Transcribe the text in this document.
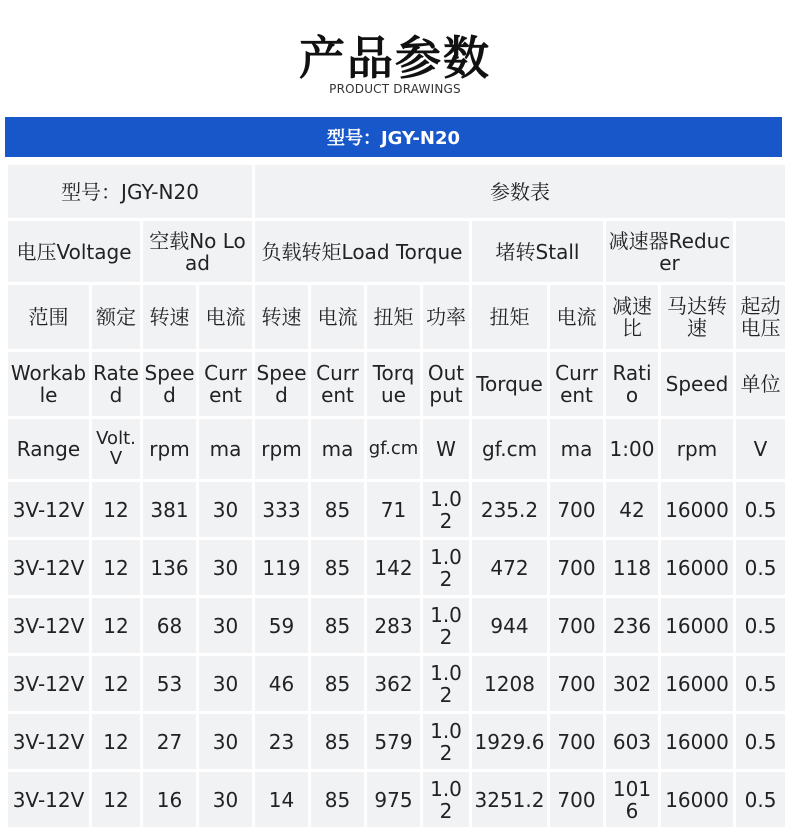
产品参数
PRODUCT DRAWINGS
型号：JGY-N20
型号：JGY-N20				参数表								
电压Voltage		空载No Load		负载转矩Load Torque				堵转Stall		减速器Reducer		
范围	额定	转速	电流	转速	电流	扭矩	功率	扭矩	电流	减速比	马达转速	起动电压
Workable	Rated	Speed	Current	Speed	Current	Torque	Output	Torque	Current	Ratio	Speed	单位
Range	Volt.V	rpm	ma	rpm	ma	gf.cm	W	gf.cm	ma	1:00	rpm	V
3V-12V	12	381	30	333	85	71	1.02	235.2	700	42	16000	0.5
3V-12V	12	136	30	119	85	142	1.02	472	700	118	16000	0.5
3V-12V	12	68	30	59	85	283	1.02	944	700	236	16000	0.5
3V-12V	12	53	30	46	85	362	1.02	1208	700	302	16000	0.5
3V-12V	12	27	30	23	85	579	1.02	1929.6	700	603	16000	0.5
3V-12V	12	16	30	14	85	975	1.02	3251.2	700	1016	16000	0.5
